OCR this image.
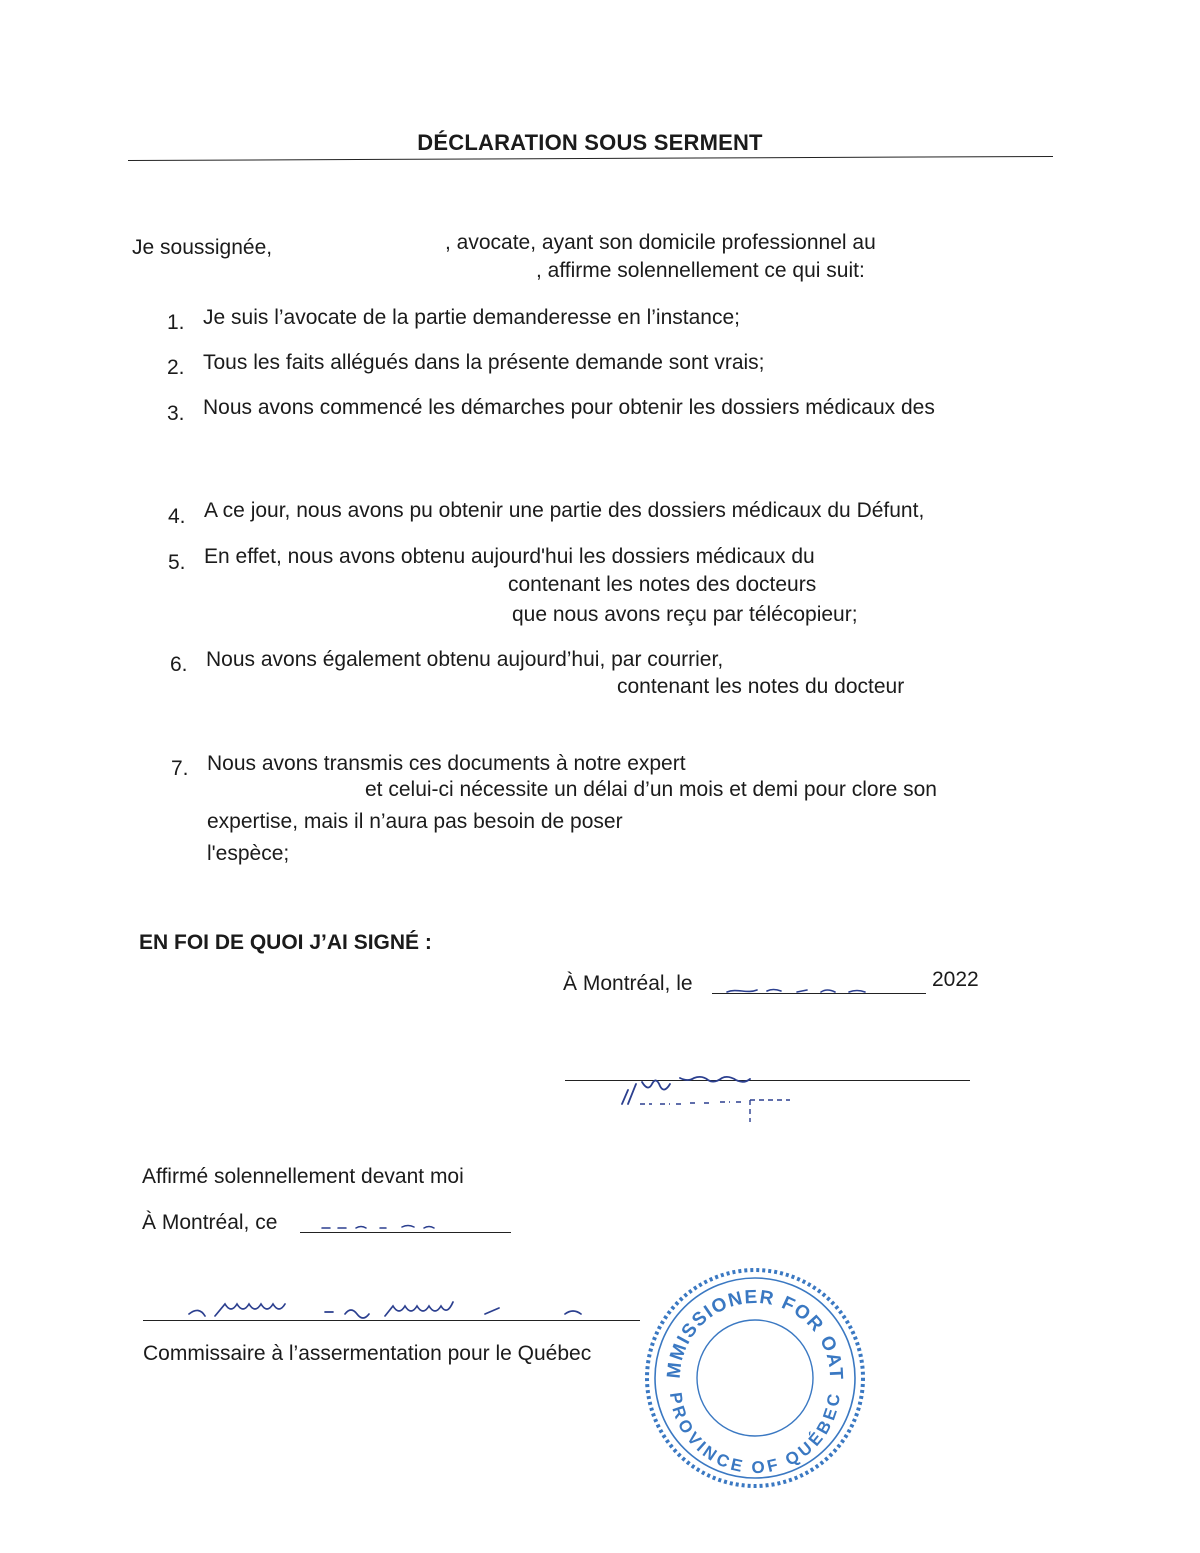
DÉCLARATION SOUS SERMENT
Je soussignée,	, avocate, ayant son domicile professionnel au
, affirme solennellement ce qui suit:
1. Je suis l’avocate de la partie demanderesse en l’instance;
2. Tous les faits allégués dans la présente demande sont vrais;
3. Nous avons commencé les démarches pour obtenir les dossiers médicaux des
4. A ce jour, nous avons pu obtenir une partie des dossiers médicaux du Défunt,
5. En effet, nous avons obtenu aujourd'hui les dossiers médicaux du
contenant les notes des docteurs
que nous avons reçu par télécopieur;
6. Nous avons également obtenu aujourd’hui, par courrier,
contenant les notes du docteur
7. Nous avons transmis ces documents à notre expert
et celui-ci nécessite un délai d’un mois et demi pour clore son
expertise, mais il n’aura pas besoin de poser
l'espèce;
EN FOI DE QUOI J’AI SIGNÉ :
À Montréal, le	2022
Affirmé solennellement devant moi
À Montréal, ce
Commissaire à l’assermentation pour le Québec
COMMISSIONER FOR OATHS
PROVINCE OF QUÉBEC
